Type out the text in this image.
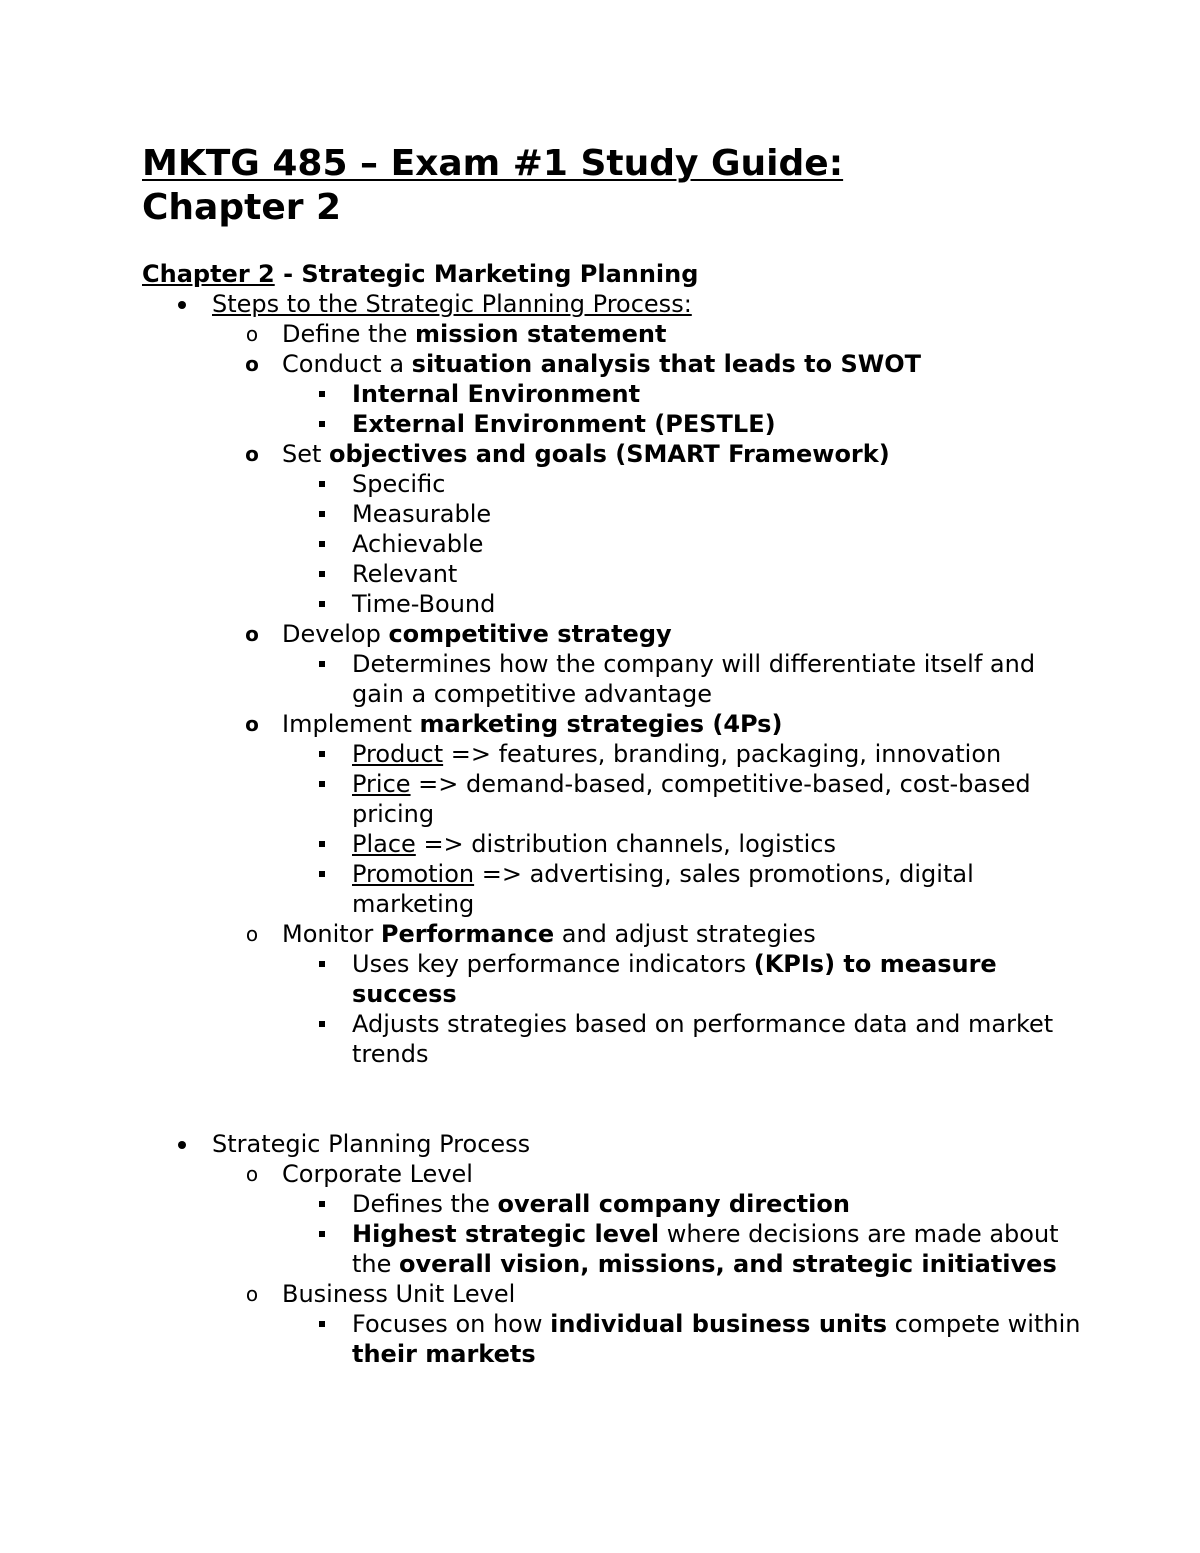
MKTG 485 – Exam #1 Study Guide:
Chapter 2
Chapter 2 - Strategic Marketing Planning
Steps to the Strategic Planning Process:
o Define the mission statement
o Conduct a situation analysis that leads to SWOT
Internal Environment
External Environment (PESTLE)
o Set objectives and goals (SMART Framework)
Specific
Measurable
Achievable
Relevant
Time-Bound
o Develop competitive strategy
Determines how the company will differentiate itself and gain a competitive advantage
o Implement marketing strategies (4Ps)
Product => features, branding, packaging, innovation
Price => demand-based, competitive-based, cost-based pricing
Place => distribution channels, logistics
Promotion => advertising, sales promotions, digital marketing
o Monitor Performance and adjust strategies
Uses key performance indicators (KPIs) to measure success
Adjusts strategies based on performance data and market trends
Strategic Planning Process
o Corporate Level
Defines the overall company direction
Highest strategic level where decisions are made about the overall vision, missions, and strategic initiatives
o Business Unit Level
Focuses on how individual business units compete within their markets
